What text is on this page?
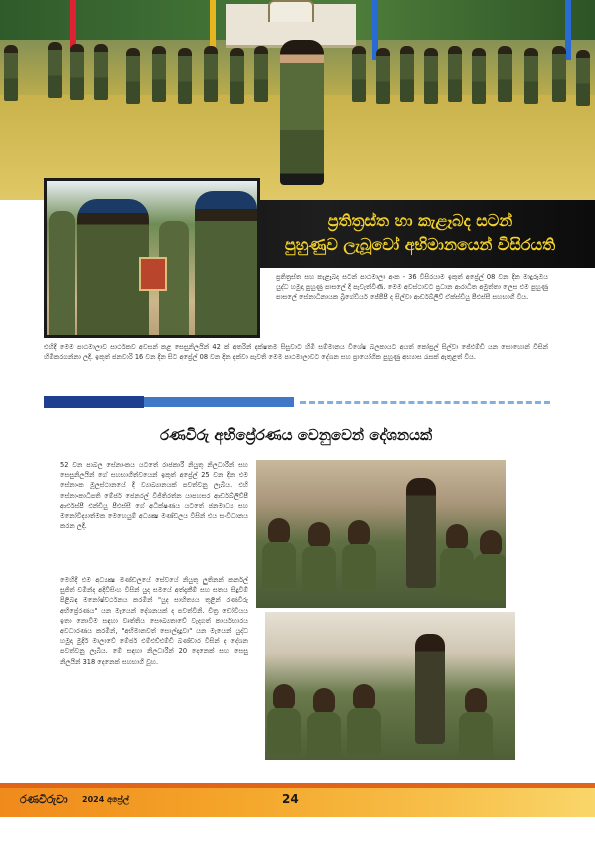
ප්‍රතිත්‍රස්ත හා කැළෑබද සටන්
පුහුණුව ලැබූවෝ අභිමානයෙන් විසිරයති

ප්‍රතිත්‍රස්ත සහ කැළෑබද සටන් පාඨමාලා අංක - 36 විසිරයාම ඉකුත් අප්‍රේල් 08 වන දින මාදුරුඔය යුද්ධ හමුදා පුහුණු පාසලේ දී පැවැත්විණි. මෙම අවස්ථාවට ප්‍රධාන ආරාධිත අමුත්තා ලෙස එම පුහුණු පාසලේ සේනාධිනායක බ්‍රිගේඩියර් ජේපීපී ද සිල්වා ආර්ඩබ්ලිව් ඒක්ස්ඩියු පීඑස්සී සහභාගී විය.

එහිදී මෙම පාඨමාලාව සාර්ථකව අවසන් කළ සෙසුනිලයින් 42 ක් අතරින් දක්ෂතම සිසුවාට හිමි සම්මානය විශේෂ බලකායට අයත් කෝප්‍රල් සිල්වා ජේඑම්ඩී යන සොහොන් විසින් හිමිකරගන්නා ලදී. ඉකුත් ජනවාරි 16 වන දින සිට අප්‍රේල් 08 වන දින දක්වා පැවති මෙම පාඨමාලාවට දේශන සහ ප්‍රායෝගික පුහුණු අභ්‍යාස රැසක් ඇතුළත් විය.

රණවිරු අභිප්‍රේරණය වෙනුවෙන් දේශනයක්

52 වන පාබල සේනාංකය යටතේ රාජකාරී නියුතු නිලධාරීන් සහ සෙසුනිලයින් ගේ සහභාගීත්වයෙන් ඉකුත් අප්‍රේල් 25 වන දින එම සේනාංක මූලස්ථානයේ දී ව්‍යාඛ්‍යානයක් පවත්වනු ලැබිය. එහි සේනාංකාධිපති මේජර් ජෙනරල් විජිතිරත්න යාපහසර ආර්ඩබ්ලිව්පී ආර්එස්පී එන්ඩීයු පීඑස්සී ගේ අධීක්ෂණය යටතේ ජනමාධ්‍ය සහ මනෝවිද්‍යාත්මක මෙහෙයුම් අධ්‍යක්‍ෂ මණ්ඩලය විසින් එය සංවිධානය කරන ලදී.

මෙහිදී එම අධ්‍යක්‍ෂ මණ්ඩලයේ සේවයේ නියුතු ලුතිනන් කර්නල් සුජිත් චමින්ද අදිවීසිංහ විසින් යුද සමයේ අත්දැකීම් සහ සතය සිදුවීම් පිළිබඳ මනෝෂ්වර්ථනය කරමින් "යුද සාහිත්‍යය තුළින් රණවිරු අභිප්‍රේරණය" යන මැයෙන් දේශනයක් ද පවත්විනි. චිත්‍ර ඩෝවියය ඉතා නොවිම සඳහා වෘත්තිය සෞඛ්‍යතාවේ වැදගත් කාර්යභාරය අවධාරණය කරමින්, "අභිමානවත් සොල්දාදුවා" යන මැයෙන් යුද්ධ හමුදා මුදිර් මාලාවේ මේජර් එම්එච්එම්ඩී බණ්ඩාර විසින් ද දේශන පවත්වනු ලැබිය. මේ සඳහා නිලධාරීන් 20 දෙනෙක් සහ සෙසු නිලයින් 318 දෙනෙක් සහභාගී වූහ.

රණවිරුවා 2024 අප්‍රේල්	24
